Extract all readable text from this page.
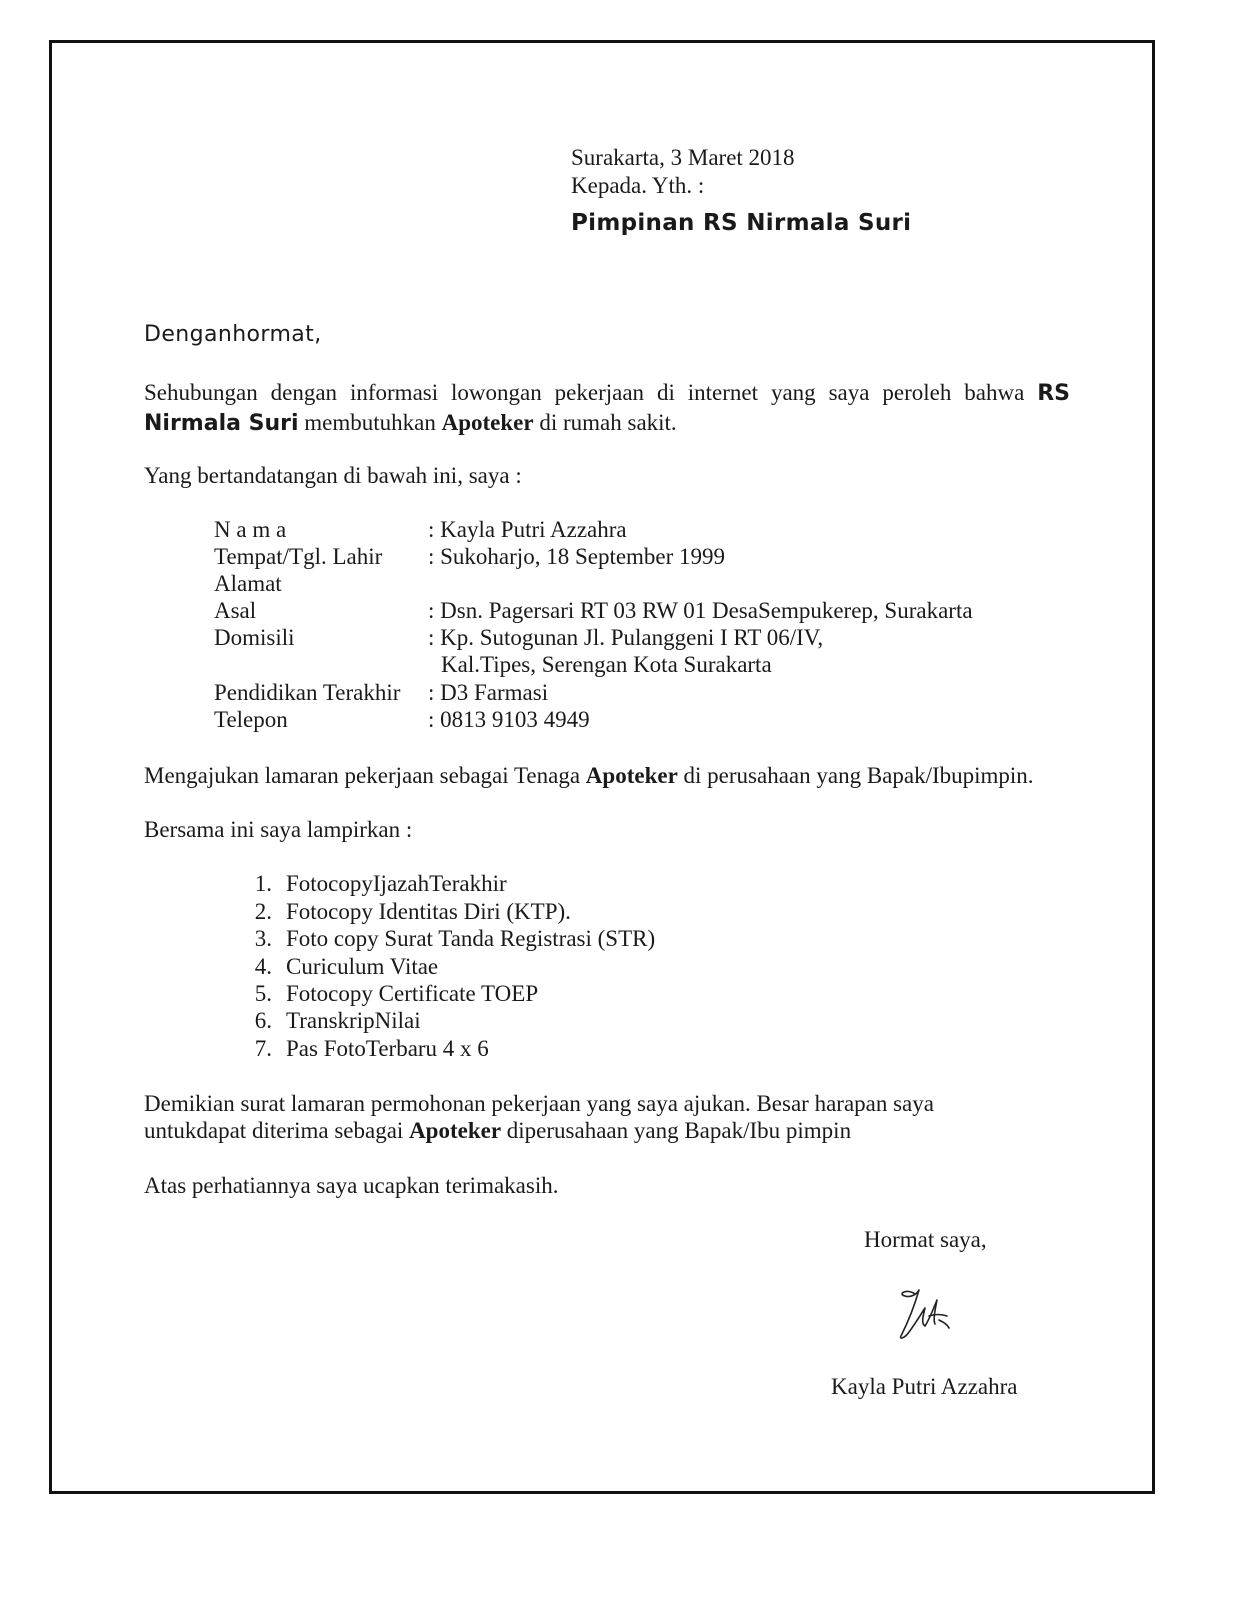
Surakarta, 3 Maret 2018
Kepada. Yth. :
Pimpinan RS Nirmala Suri
Denganhormat,
Sehubungan dengan informasi lowongan pekerjaan di internet yang saya peroleh bahwa RS Nirmala Suri membutuhkan Apoteker di rumah sakit.
Yang bertandatangan di bawah ini, saya :
N a m a	: Kayla Putri Azzahra
Tempat/Tgl. Lahir : Sukoharjo, 18 September 1999
Alamat
Asal	: Dsn. Pagersari RT 03 RW 01 DesaSempukerep, Surakarta
Domisili	: Kp. Sutogunan Jl. Pulanggeni I RT 06/IV,
Kal.Tipes, Serengan Kota Surakarta
Pendidikan Terakhir : D3 Farmasi
Telepon	: 0813 9103 4949
Mengajukan lamaran pekerjaan sebagai Tenaga Apoteker di perusahaan yang Bapak/Ibupimpin.
Bersama ini saya lampirkan :
1. FotocopyIjazahTerakhir
2. Fotocopy Identitas Diri (KTP).
3. Foto copy Surat Tanda Registrasi (STR)
4. Curiculum Vitae
5. Fotocopy Certificate TOEP
6. TranskripNilai
7. Pas FotoTerbaru 4 x 6
Demikian surat lamaran permohonan pekerjaan yang saya ajukan. Besar harapan saya
untukdapat diterima sebagai Apoteker diperusahaan yang Bapak/Ibu pimpin
Atas perhatiannya saya ucapkan terimakasih.
Hormat saya,
Kayla Putri Azzahra
